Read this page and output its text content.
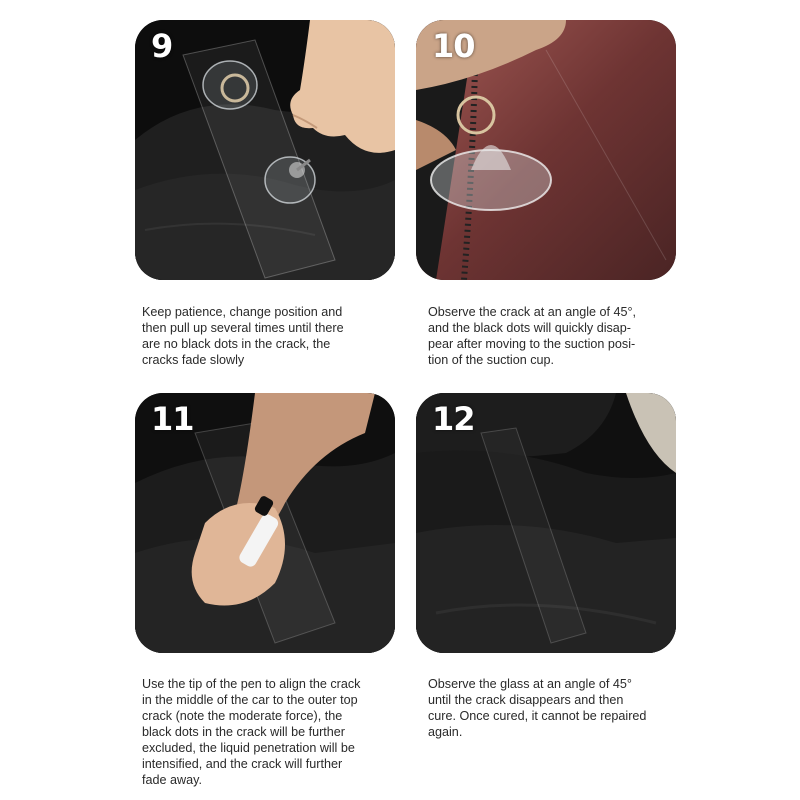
9
Keep patience, change position and
then pull up several times until there
are no black dots in the crack, the
cracks fade slowly
10
Observe the crack at an angle of 45°,
and the black dots will quickly disap-
pear after moving to the suction posi-
tion of the suction cup.
11
Use the tip of the pen to align the crack
in the middle of the car to the outer top
crack (note the moderate force), the
black dots in the crack will be further
excluded, the liquid penetration will be
intensified, and the crack will further
fade away.
12
Observe the glass at an angle of 45°
until the crack disappears and then
cure. Once cured, it cannot be repaired
again.
